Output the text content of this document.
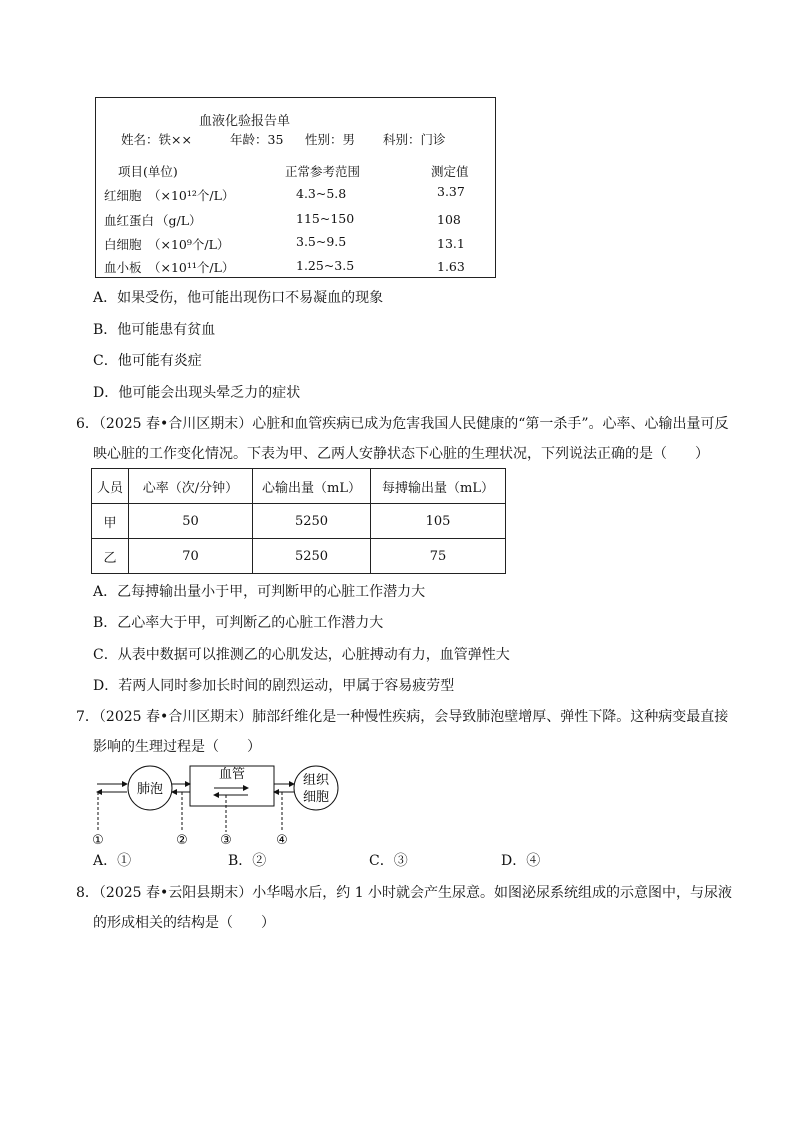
血液化验报告单
姓名：铁××	年龄：35 性别：男 科别：门诊
项目(单位)	正常参考范围	测定值
红细胞 （×10¹²个/L）	4.3~5.8	3.37
血红蛋白 （g/L）	115~150	108
白细胞 （×10⁹个/L）	3.5~9.5	13.1
血小板 （×10¹¹个/L）	1.25~3.5	1.63
A．如果受伤，他可能出现伤口不易凝血的现象
B．他可能患有贫血
C．他可能有炎症
D．他可能会出现头晕乏力的症状
6．（2025 春•合川区期末）心脏和血管疾病已成为危害我国人民健康的“第一杀手”。心率、心输出量可反
映心脏的工作变化情况。下表为甲、乙两人安静状态下心脏的生理状况，下列说法正确的是（　　）
人员	心率（次/分钟）	心输出量（mL）	每搏输出量（mL）
甲	50	5250	105
乙	70	5250	75
A．乙每搏输出量小于甲，可判断甲的心脏工作潜力大
B．乙心率大于甲，可判断乙的心脏工作潜力大
C．从表中数据可以推测乙的心肌发达，心脏搏动有力，血管弹性大
D．若两人同时参加长时间的剧烈运动，甲属于容易疲劳型
7．（2025 春•合川区期末）肺部纤维化是一种慢性疾病，会导致肺泡壁增厚、弹性下降。这种病变最直接
影响的生理过程是（　　）
肺泡
血管	组织
细胞
①	② ③	④
A．①	B．②	C．③	D．④
8．（2025 春•云阳县期末）小华喝水后，约 1 小时就会产生尿意。如图泌尿系统组成的示意图中，与尿液
的形成相关的结构是（　　）
